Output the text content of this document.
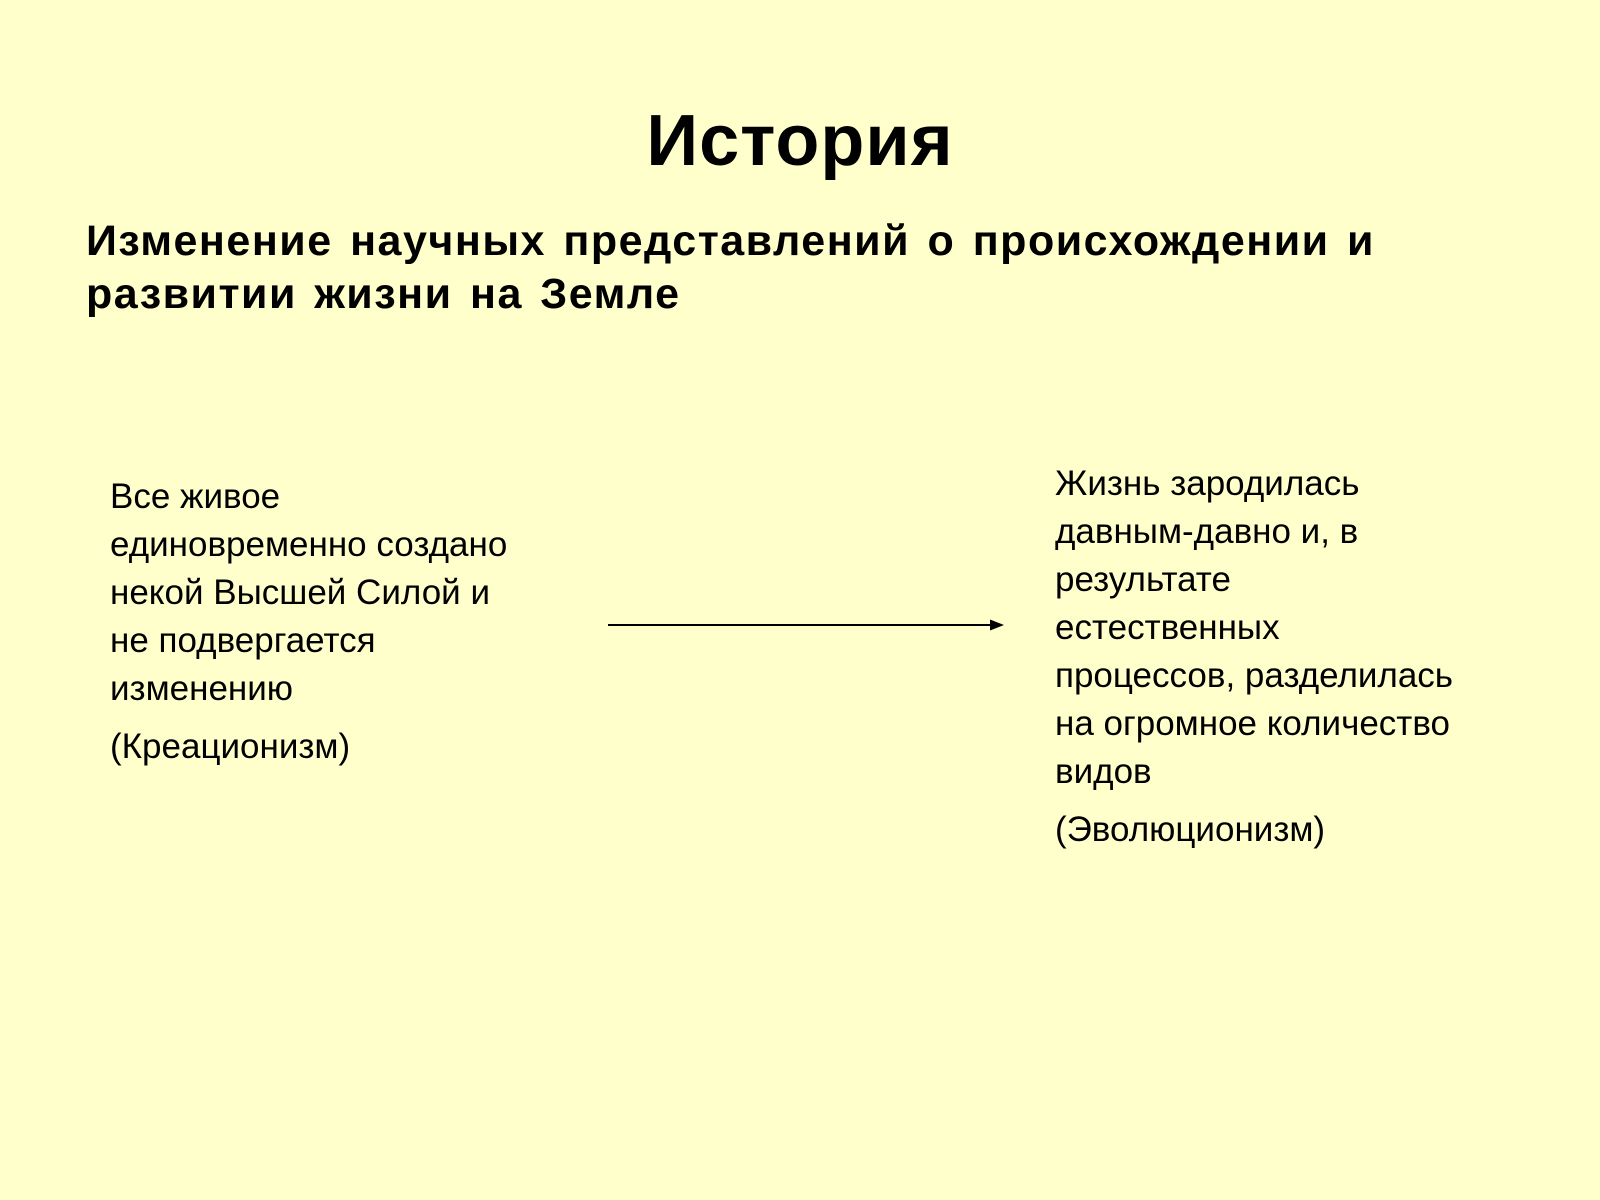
История

Изменение научных представлений о происхождении и развитии жизни на Земле

Все живое
единовременно создано
некой Высшей Силой и
не подвергается
изменению

(Креационизм)

Жизнь зародилась
давным-давно и, в
результате
естественных
процессов, разделилась
на огромное количество
видов

(Эволюционизм)
